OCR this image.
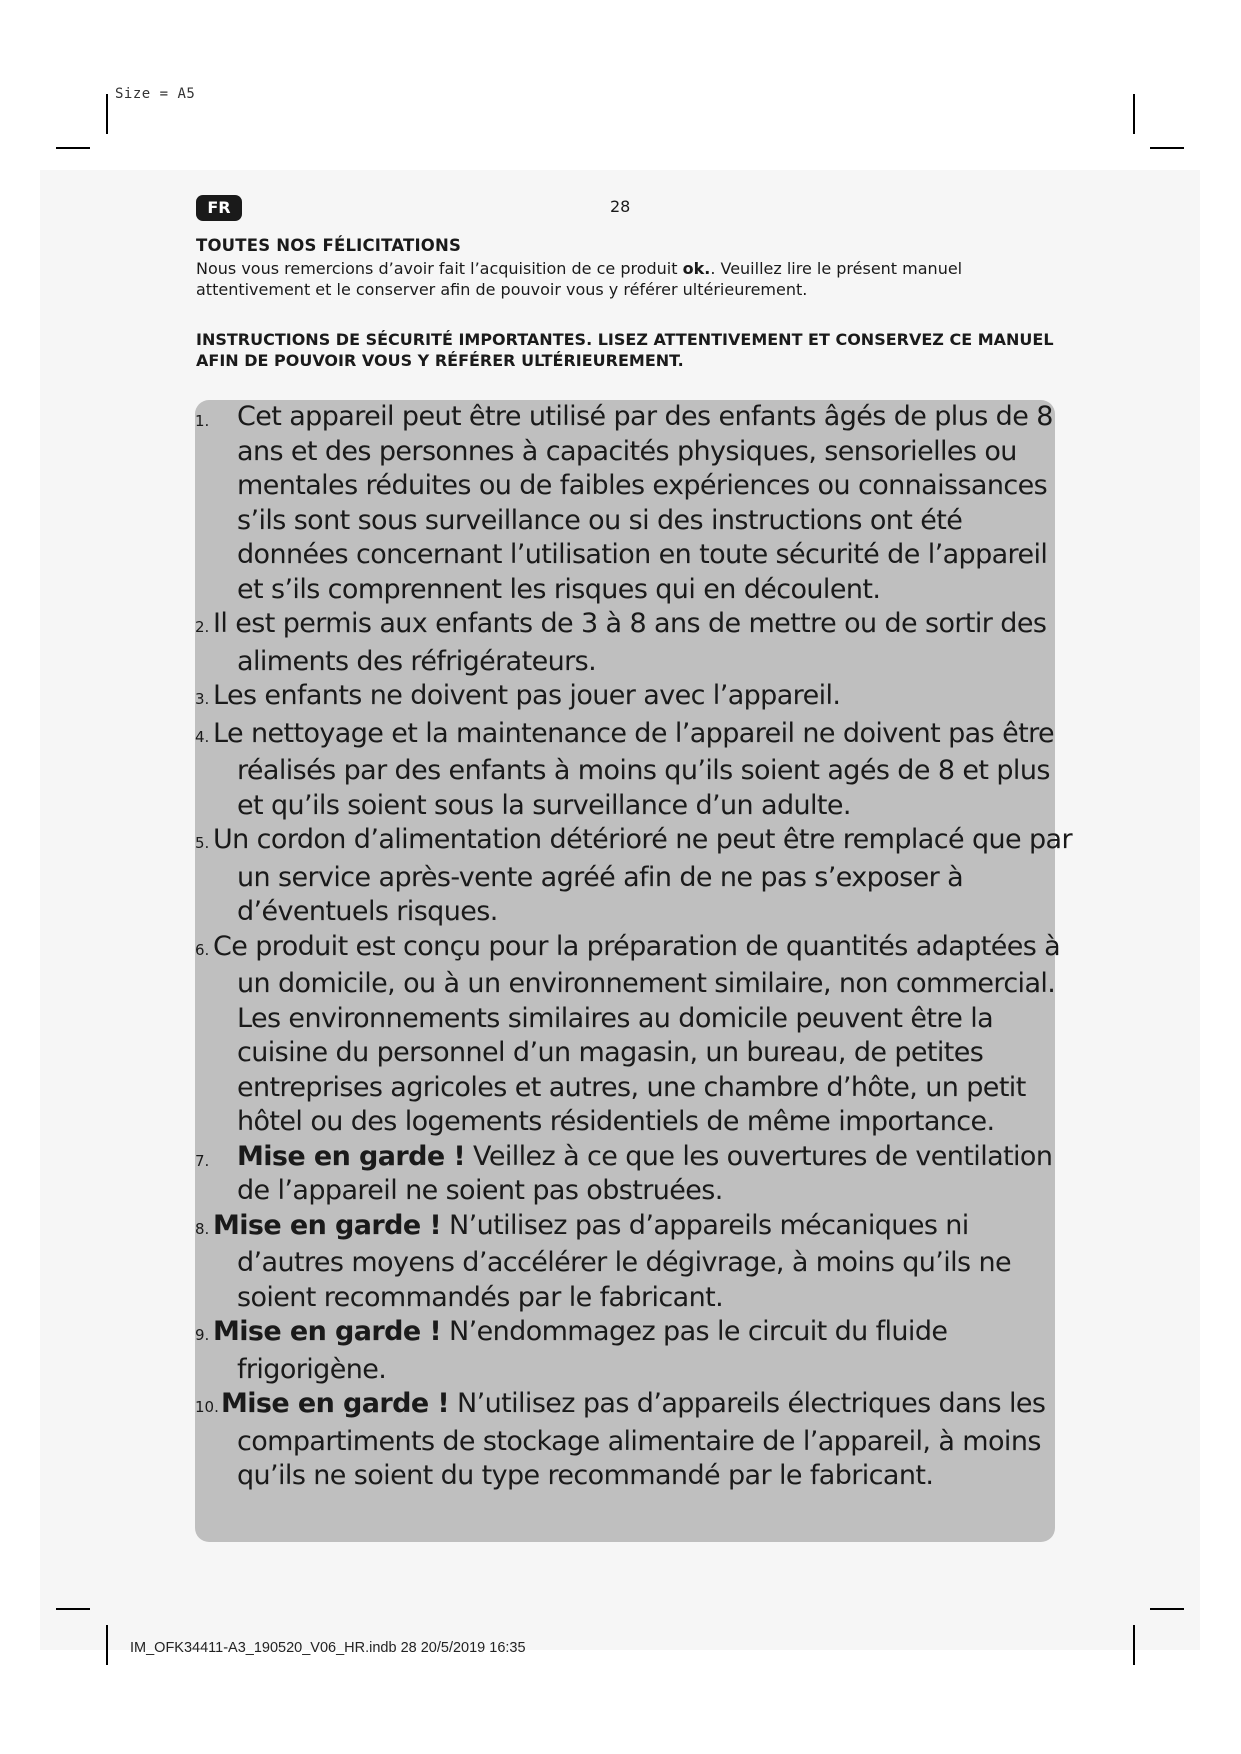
Size = A5
FR	28
TOUTES NOS FÉLICITATIONS
Nous vous remercions d’avoir fait l’acquisition de ce produit ok.. Veuillez lire le présent manuel attentivement et le conserver afin de pouvoir vous y référer ultérieurement.
INSTRUCTIONS DE SÉCURITÉ IMPORTANTES. LISEZ ATTENTIVEMENT ET CONSERVEZ CE MANUEL AFIN DE POUVOIR VOUS Y RÉFÉRER ULTÉRIEUREMENT.
1. Cet appareil peut être utilisé par des enfants âgés de plus de 8 ans et des personnes à capacités physiques, sensorielles ou mentales réduites ou de faibles expériences ou connaissances s’ils sont sous surveillance ou si des instructions ont été données concernant l’utilisation en toute sécurité de l’appareil et s’ils comprennent les risques qui en découlent.
2. Il est permis aux enfants de 3 à 8 ans de mettre ou de sortir des aliments des réfrigérateurs.
3. Les enfants ne doivent pas jouer avec l’appareil.
4. Le nettoyage et la maintenance de l’appareil ne doivent pas être réalisés par des enfants à moins qu’ils soient agés de 8 et plus et qu’ils soient sous la surveillance d’un adulte.
5. Un cordon d’alimentation détérioré ne peut être remplacé que par un service après-vente agréé afin de ne pas s’exposer à d’éventuels risques.
6. Ce produit est conçu pour la préparation de quantités adaptées à un domicile, ou à un environnement similaire, non commercial. Les environnements similaires au domicile peuvent être la cuisine du personnel d’un magasin, un bureau, de petites entreprises agricoles et autres, une chambre d’hôte, un petit hôtel ou des logements résidentiels de même importance.
7. Mise en garde ! Veillez à ce que les ouvertures de ventilation de l’appareil ne soient pas obstruées.
8. Mise en garde ! N’utilisez pas d’appareils mécaniques ni d’autres moyens d’accélérer le dégivrage, à moins qu’ils ne soient recommandés par le fabricant.
9. Mise en garde ! N’endommagez pas le circuit du fluide frigorigène.
10.Mise en garde ! N’utilisez pas d’appareils électriques dans les compartiments de stockage alimentaire de l’appareil, à moins qu’ils ne soient du type recommandé par le fabricant.
IM_OFK34411-A3_190520_V06_HR.indb 28 20/5/2019 16:35
